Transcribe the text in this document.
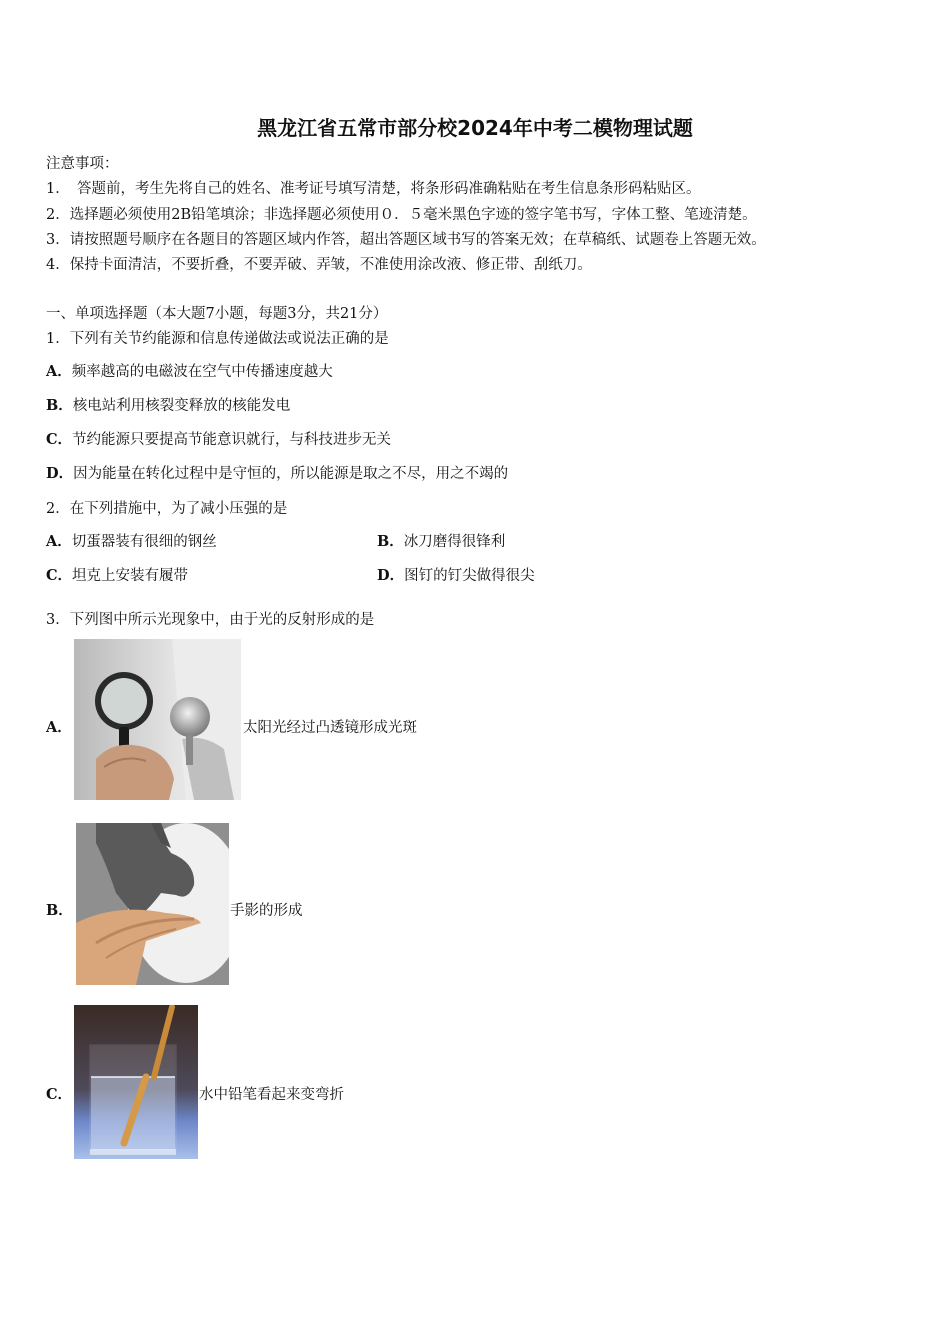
黑龙江省五常市部分校2024年中考二模物理试题
注意事项：
1．　答题前，考生先将自己的姓名、准考证号填写清楚，将条形码准确粘贴在考生信息条形码粘贴区。
2．选择题必须使用2B铅笔填涂；非选择题必须使用０．５毫米黑色字迹的签字笔书写，字体工整、笔迹清楚。
3．请按照题号顺序在各题目的答题区域内作答，超出答题区域书写的答案无效；在草稿纸、试题卷上答题无效。
4．保持卡面清洁，不要折叠，不要弄破、弄皱，不准使用涂改液、修正带、刮纸刀。
一、单项选择题（本大题7小题，每题3分，共21分）
1．下列有关节约能源和信息传递做法或说法正确的是
A．频率越高的电磁波在空气中传播速度越大
B．核电站利用核裂变释放的核能发电
C．节约能源只要提高节能意识就行，与科技进步无关
D．因为能量在转化过程中是守恒的，所以能源是取之不尽，用之不竭的
2．在下列措施中，为了减小压强的是
A．切蛋器装有很细的钢丝	B．冰刀磨得很锋利
C．坦克上安装有履带	D．图钉的钉尖做得很尖
3．下列图中所示光现象中，由于光的反射形成的是
A．	太阳光经过凸透镜形成光斑
B．	手影的形成
C．	水中铅笔看起来变弯折
